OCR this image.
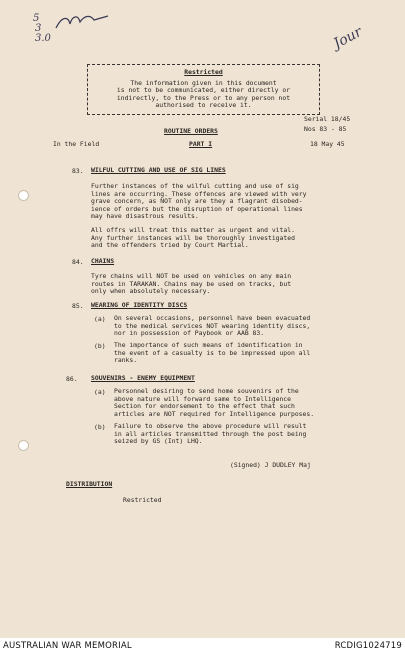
5
3
3.0	Jour
Restricted
The information given in this document
is not to be communicated, either directly or
indirectly, to the Press or to any person not
authorised to receive it.
Serial 18/45
Nos 83 - 85
ROUTINE ORDERS
In the Field	PART I	18 May 45
83. WILFUL CUTTING AND USE OF SIG LINES
Further instances of the wilful cutting and use of sig
lines are occurring. These offences are viewed with very
grave concern, as NOT only are they a flagrant disobed-
ience of orders but the disruption of operational lines
may have disastrous results.
All offrs will treat this matter as urgent and vital.
Any further instances will be thoroughly investigated
and the offenders tried by Court Martial.
84. CHAINS
Tyre chains will NOT be used on vehicles on any main
routes in TARAKAN. Chains may be used on tracks, but
only when absolutely necessary.
85. WEARING OF IDENTITY DISCS
(a) On several occasions, personnel have been evacuated
to the medical services NOT wearing identity discs,
nor in possession of Paybook or AAB 83.
(b) The importance of such means of identification in
the event of a casualty is to be impressed upon all
ranks.
86. SOUVENIRS - ENEMY EQUIPMENT
(a) Personnel desiring to send home souvenirs of the
above nature will forward same to Intelligence
Section for endorsement to the effect that such
articles are NOT required for Intelligence purposes.
(b) Failure to observe the above procedure will result
in all articles transmitted through the post being
seized by GS (Int) LHQ.
(Signed) J DUDLEY Maj
DISTRIBUTION
Restricted
AUSTRALIAN WAR MEMORIAL	RCDIG1024719
